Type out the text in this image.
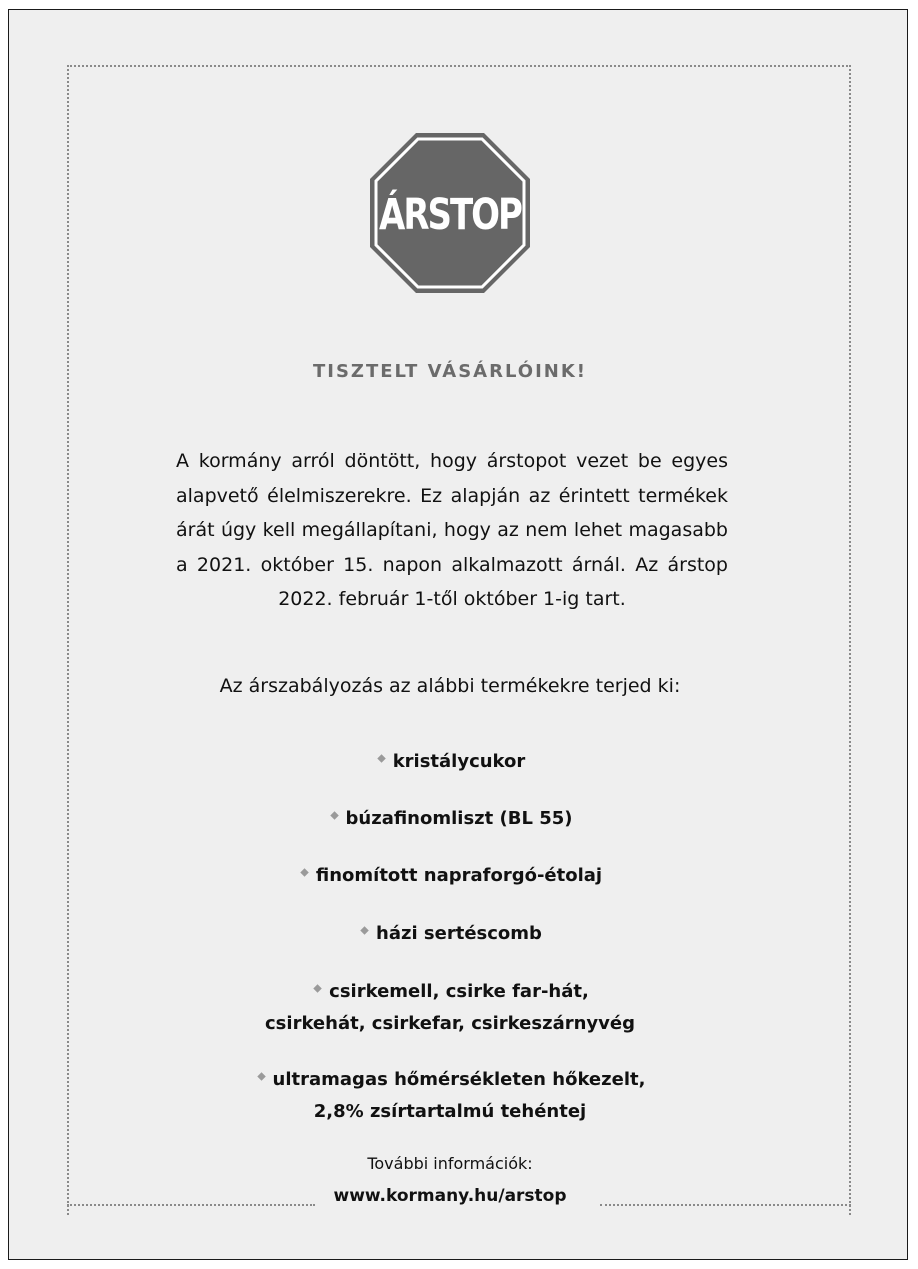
ÁRSTOP
TISZTELT VÁSÁRLÓINK!

A kormány arról döntött, hogy árstopot vezet be egyes alapvető élelmiszerekre. Ez alapján az érintett termékek árát úgy kell megállapítani, hogy az nem lehet magasabb a 2021. október 15. napon alkalmazott árnál. Az árstop 2022. február 1-től október 1-ig tart.

Az árszabályozás az alábbi termékekre terjed ki:
kristálycukor
búzafinomliszt (BL 55)
finomított napraforgó-étolaj
házi sertéscomb
csirkemell, csirke far-hát,
csirkehát, csirkefar, csirkeszárnyvég
ultramagas hőmérsékleten hőkezelt,
2,8% zsírtartalmú tehéntej
További információk:
www.kormany.hu/arstop
